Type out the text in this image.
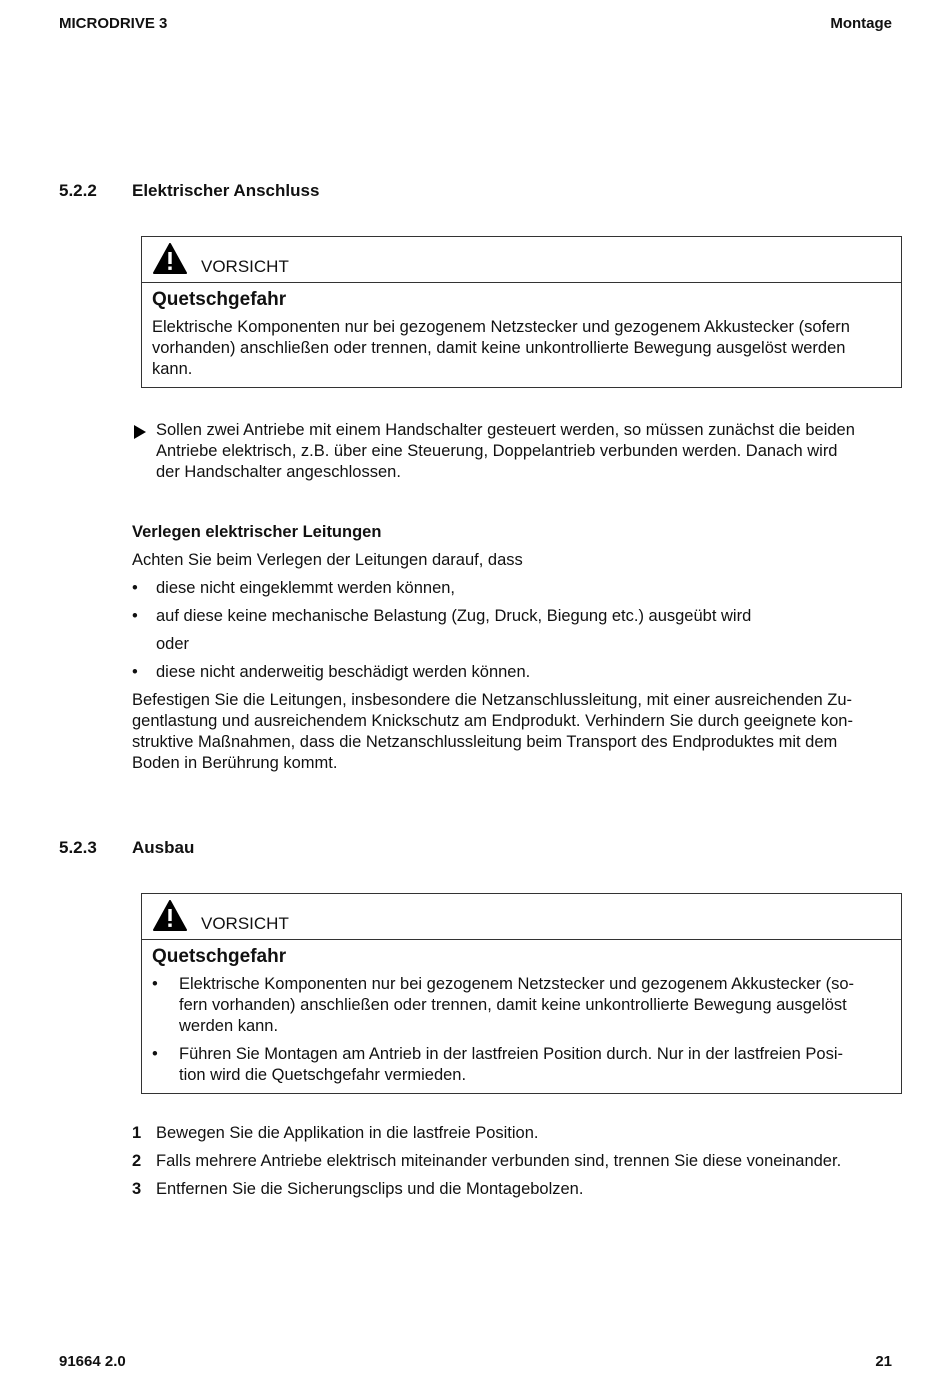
MICRODRIVE 3	Montage
5.2.2 Elektrischer Anschluss
VORSICHT
Quetschgefahr
Elektrische Komponenten nur bei gezogenem Netzstecker und gezogenem Akkustecker (sofern
vorhanden) anschließen oder trennen, damit keine unkontrollierte Bewegung ausgelöst werden
kann.
Sollen zwei Antriebe mit einem Handschalter gesteuert werden, so müssen zunächst die beiden
Antriebe elektrisch, z.B. über eine Steuerung, Doppelantrieb verbunden werden. Danach wird
der Handschalter angeschlossen.
Verlegen elektrischer Leitungen
Achten Sie beim Verlegen der Leitungen darauf, dass
• diese nicht eingeklemmt werden können,
• auf diese keine mechanische Belastung (Zug, Druck, Biegung etc.) ausgeübt wird
oder
• diese nicht anderweitig beschädigt werden können.
Befestigen Sie die Leitungen, insbesondere die Netzanschlussleitung, mit einer ausreichenden Zu-
gentlastung und ausreichendem Knickschutz am Endprodukt. Verhindern Sie durch geeignete kon-
struktive Maßnahmen, dass die Netzanschlussleitung beim Transport des Endproduktes mit dem
Boden in Berührung kommt.
5.2.3 Ausbau
VORSICHT
Quetschgefahr
• Elektrische Komponenten nur bei gezogenem Netzstecker und gezogenem Akkustecker (so-
fern vorhanden) anschließen oder trennen, damit keine unkontrollierte Bewegung ausgelöst
werden kann.
• Führen Sie Montagen am Antrieb in der lastfreien Position durch. Nur in der lastfreien Posi-
tion wird die Quetschgefahr vermieden.
1 Bewegen Sie die Applikation in die lastfreie Position.
2 Falls mehrere Antriebe elektrisch miteinander verbunden sind, trennen Sie diese voneinander.
3 Entfernen Sie die Sicherungsclips und die Montagebolzen.
91664 2.0	21
